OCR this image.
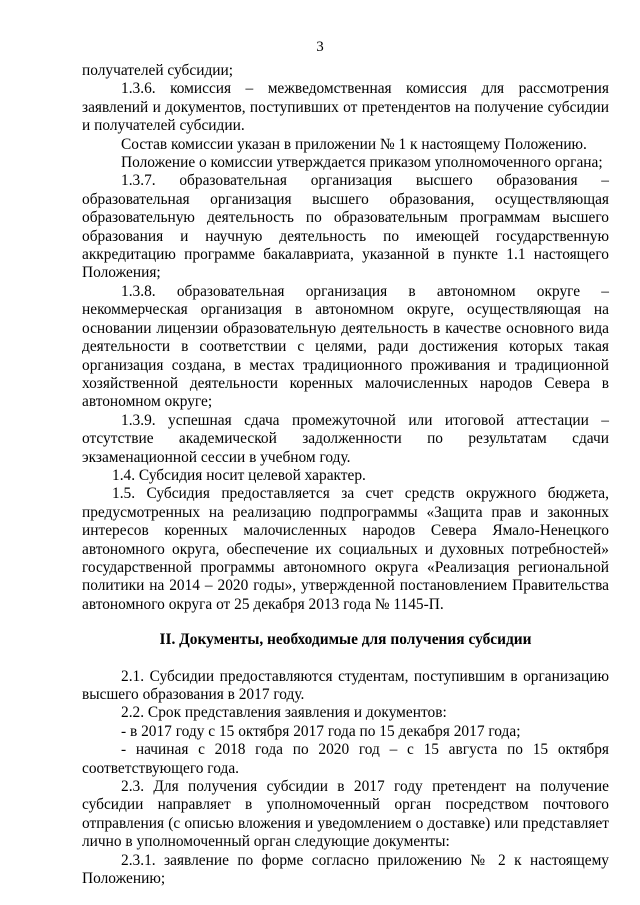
3

получателей субсидии;

1.3.6. комиссия – межведомственная комиссия для рассмотрения заявлений и документов, поступивших от претендентов на получение субсидии и получателей субсидии.

Состав комиссии указан в приложении № 1 к настоящему Положению.

Положение о комиссии утверждается приказом уполномоченного органа;

1.3.7. образовательная организация высшего образования – образовательная организация высшего образования, осуществляющая образовательную деятельность по образовательным программам высшего образования и научную деятельность по имеющей государственную аккредитацию программе бакалавриата, указанной в пункте 1.1 настоящего Положения;

1.3.8. образовательная организация в автономном округе – некоммерческая организация в автономном округе, осуществляющая на основании лицензии образовательную деятельность в качестве основного вида деятельности в соответствии с целями, ради достижения которых такая организация создана, в местах традиционного проживания и традиционной хозяйственной деятельности коренных малочисленных народов Севера в автономном округе;

1.3.9. успешная сдача промежуточной или итоговой аттестации – отсутствие академической задолженности по результатам сдачи экзаменационной сессии в учебном году.

1.4. Субсидия носит целевой характер.

1.5. Субсидия предоставляется за счет средств окружного бюджета, предусмотренных на реализацию подпрограммы «Защита прав и законных интересов коренных малочисленных народов Севера Ямало-Ненецкого автономного округа, обеспечение их социальных и духовных потребностей» государственной программы автономного округа «Реализация региональной политики на 2014 – 2020 годы», утвержденной постановлением Правительства автономного округа от 25 декабря 2013 года № 1145-П.

II. Документы, необходимые для получения субсидии

2.1. Субсидии предоставляются студентам, поступившим в организацию высшего образования в 2017 году.

2.2. Срок представления заявления и документов:

- в 2017 году с 15 октября 2017 года по 15 декабря 2017 года;

- начиная с 2018 года по 2020 год – с 15 августа по 15 октября соответствующего года.

2.3. Для получения субсидии в 2017 году претендент на получение субсидии направляет в уполномоченный орган посредством почтового отправления (с описью вложения и уведомлением о доставке) или представляет лично в уполномоченный орган следующие документы:

2.3.1. заявление по форме согласно приложению № 2 к настоящему Положению;
